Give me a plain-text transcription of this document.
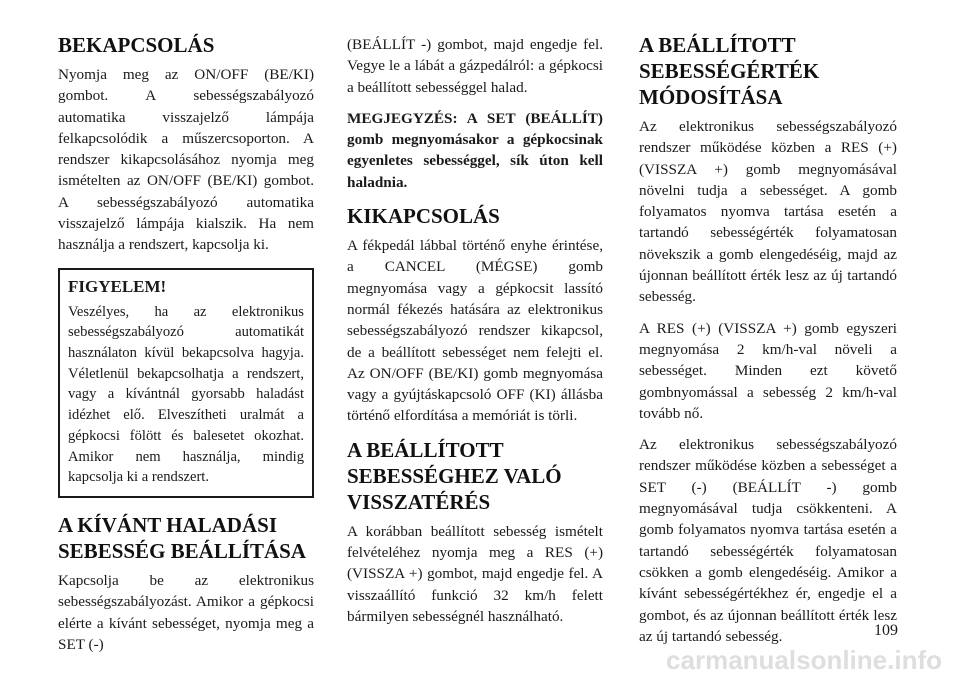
BEKAPCSOLÁS

Nyomja meg az ON/OFF (BE/KI) gombot. A sebességszabályozó automatika visszajelző lámpája felkapcsolódik a műszercsoporton. A rendszer kikapcsolásához nyomja meg ismételten az ON/OFF (BE/KI) gombot. A sebességszabályozó automatika visszajelző lámpája kialszik. Ha nem használja a rendszert, kapcsolja ki.

FIGYELEM!

Veszélyes, ha az elektronikus sebességszabályozó automatikát használaton kívül bekapcsolva hagyja. Véletlenül bekapcsolhatja a rendszert, vagy a kívántnál gyorsabb haladást idézhet elő. Elveszítheti uralmát a gépkocsi fölött és balesetet okozhat. Amikor nem használja, mindig kapcsolja ki a rendszert.

A KÍVÁNT HALADÁSI SEBESSÉG BEÁLLÍTÁSA

Kapcsolja be az elektronikus sebességszabályozást. Amikor a gépkocsi elérte a kívánt sebességet, nyomja meg a SET (-)

(BEÁLLÍT -) gombot, majd engedje fel. Vegye le a lábát a gázpedálról: a gépkocsi a beállított sebességgel halad.

MEGJEGYZÉS: A SET (BEÁLLÍT) gomb megnyomásakor a gépkocsinak egyenletes sebességgel, sík úton kell haladnia.

KIKAPCSOLÁS

A fékpedál lábbal történő enyhe érintése, a CANCEL (MÉGSE) gomb megnyomása vagy a gépkocsit lassító normál fékezés hatására az elektronikus sebességszabályozó rendszer kikapcsol, de a beállított sebességet nem felejti el. Az ON/OFF (BE/KI) gomb megnyomása vagy a gyújtáskapcsoló OFF (KI) állásba történő elfordítása a memóriát is törli.

A BEÁLLÍTOTT SEBESSÉGHEZ VALÓ VISSZATÉRÉS

A korábban beállított sebesség ismételt felvételéhez nyomja meg a RES (+) (VISSZA +) gombot, majd engedje fel. A visszaállító funkció 32 km/h felett bármilyen sebességnél használható.

A BEÁLLÍTOTT SEBESSÉGÉRTÉK MÓDOSÍTÁSA

Az elektronikus sebességszabályozó rendszer működése közben a RES (+) (VISSZA +) gomb megnyomásával növelni tudja a sebességet. A gomb folyamatos nyomva tartása esetén a tartandó sebességérték folyamatosan növekszik a gomb elengedéséig, majd az újonnan beállított érték lesz az új tartandó sebesség.

A RES (+) (VISSZA +) gomb egyszeri megnyomása 2 km/h-val növeli a sebességet. Minden ezt követő gombnyomással a sebesség 2 km/h-val tovább nő.

Az elektronikus sebességszabályozó rendszer működése közben a sebességet a SET (-) (BEÁLLÍT -) gomb megnyomásával tudja csökkenteni. A gomb folyamatos nyomva tartása esetén a tartandó sebességérték folyamatosan csökken a gomb elengedéséig. Amikor a kívánt sebességértékhez ér, engedje el a gombot, és az újonnan beállított érték lesz az új tartandó sebesség.	109

carmanualsonline.info
